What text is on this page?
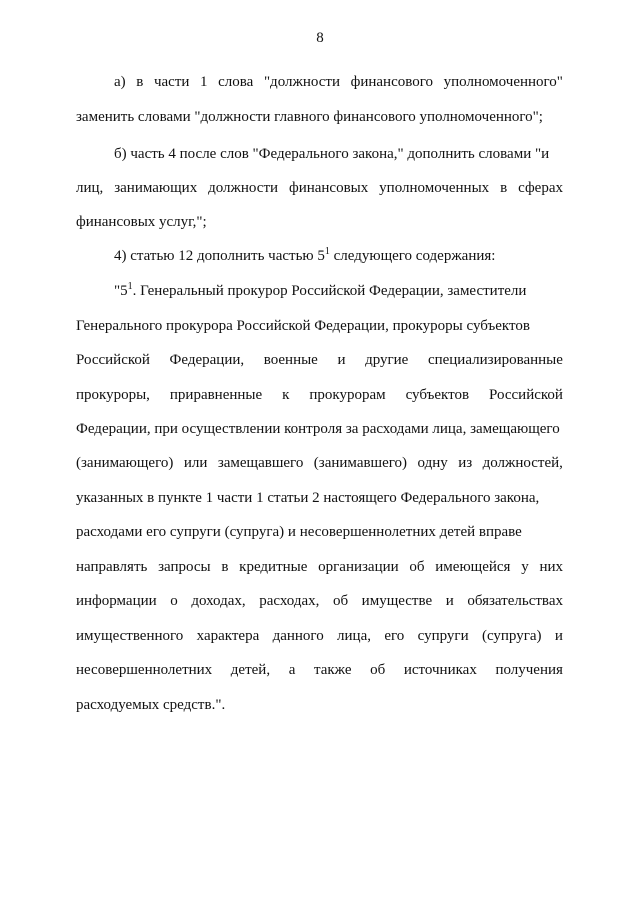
8
а) в части 1 слова "должности финансового уполномоченного"
заменить словами "должности главного финансового уполномоченного";
б) часть 4 после слов "Федерального закона," дополнить словами "и
лиц, занимающих должности финансовых уполномоченных в сферах
финансовых услуг,";
4) статью 12 дополнить частью $5^1$ следующего содержания:
"$5^1$. Генеральный прокурор Российской Федерации, заместители
Генерального прокурора Российской Федерации, прокуроры субъектов
Российской Федерации, военные и другие специализированные
прокуроры, приравненные к прокурорам субъектов Российской
Федерации, при осуществлении контроля за расходами лица, замещающего
(занимающего) или замещавшего (занимавшего) одну из должностей,
указанных в пункте 1 части 1 статьи 2 настоящего Федерального закона,
расходами его супруги (супруга) и несовершеннолетних детей вправе
направлять запросы в кредитные организации об имеющейся у них
информации о доходах, расходах, об имуществе и обязательствах
имущественного характера данного лица, его супруги (супруга) и
несовершеннолетних детей, а также об источниках получения
расходуемых средств.".
